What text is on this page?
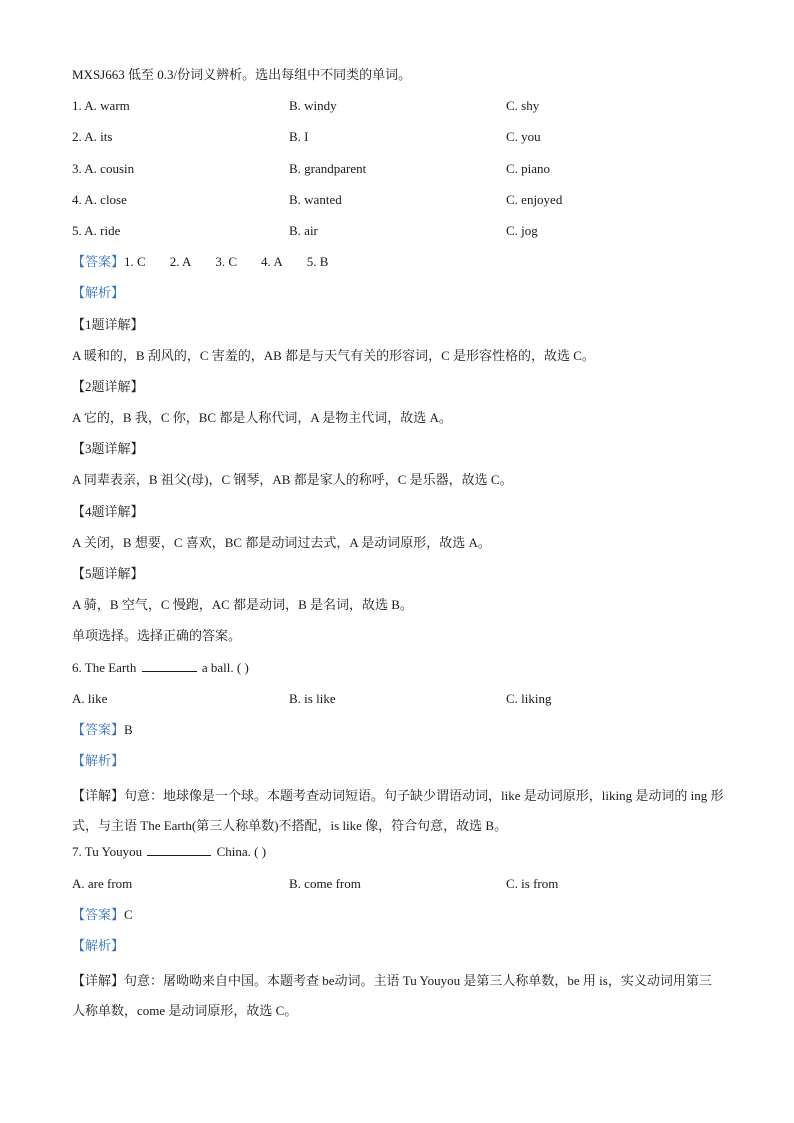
MXSJ663 低至 0.3/份词义辨析。选出每组中不同类的单词。
1. A. warm	B. windy	C. shy
2. A. its	B. I	C. you
3. A. cousin	B. grandparent	C. piano
4. A. close	B. wanted	C. enjoyed
5. A. ride	B. air	C. jog
【答案】1. C 2. A 3. C 4. A 5. B
【解析】
【1题详解】
A 暖和的，B 刮风的，C 害羞的，AB 都是与天气有关的形容词，C 是形容性格的，故选 C。
【2题详解】
A 它的，B 我，C 你，BC 都是人称代词，A 是物主代词，故选 A。
【3题详解】
A 同辈表亲，B 祖父(母)，C 钢琴，AB 都是家人的称呼，C 是乐器，故选 C。
【4题详解】
A 关闭，B 想要，C 喜欢，BC 都是动词过去式，A 是动词原形，故选 A。
【5题详解】
A 骑，B 空气，C 慢跑，AC 都是动词，B 是名词，故选 B。
单项选择。选择正确的答案。
6. The Earth	a ball. ( )
A. like	B. is like	C. liking
【答案】B
【解析】
【详解】句意：地球像是一个球。本题考查动词短语。句子缺少谓语动词，like 是动词原形，liking 是动词的 ing 形式，与主语 The Earth(第三人称单数)不搭配，is like 像，符合句意，故选 B。
7. Tu Youyou	China. ( )
A. are from	B. come from	C. is from
【答案】C
【解析】
【详解】句意：屠呦呦来自中国。本题考查 be动词。主语 Tu Youyou 是第三人称单数，be 用 is，实义动词用第三人称单数，come 是动词原形，故选 C。
